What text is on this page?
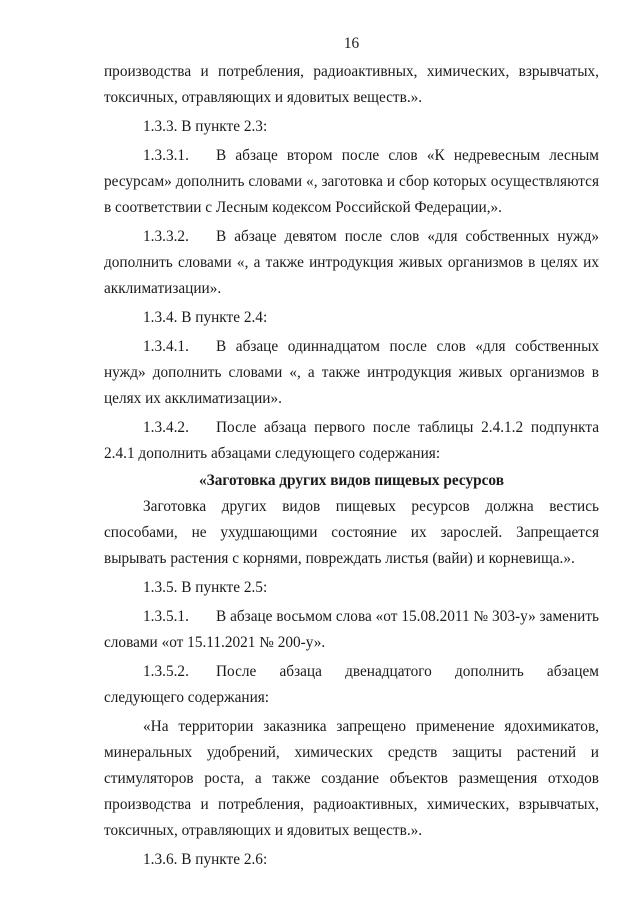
16

производства и потребления, радиоактивных, химических, взрывчатых, токсичных, отравляющих и ядовитых веществ.».

1.3.3. В пункте 2.3:

1.3.3.1. В абзаце втором после слов «К недревесным лесным ресурсам» дополнить словами «, заготовка и сбор которых осуществляются в соответствии с Лесным кодексом Российской Федерации,».

1.3.3.2. В абзаце девятом после слов «для собственных нужд» дополнить словами «, а также интродукция живых организмов в целях их акклиматизации».

1.3.4. В пункте 2.4:

1.3.4.1. В абзаце одиннадцатом после слов «для собственных нужд» дополнить словами «, а также интродукция живых организмов в целях их акклиматизации».

1.3.4.2. После абзаца первого после таблицы 2.4.1.2 подпункта 2.4.1 дополнить абзацами следующего содержания:

«Заготовка других видов пищевых ресурсов

Заготовка других видов пищевых ресурсов должна вестись способами, не ухудшающими состояние их зарослей. Запрещается вырывать растения с корнями, повреждать листья (вайи) и корневища.».

1.3.5. В пункте 2.5:

1.3.5.1. В абзаце восьмом слова «от 15.08.2011 № 303-у» заменить словами «от 15.11.2021 № 200-у».

1.3.5.2. После абзаца двенадцатого дополнить абзацем следующего содержания:

«На территории заказника запрещено применение ядохимикатов, минеральных удобрений, химических средств защиты растений и стимуляторов роста, а также создание объектов размещения отходов производства и потребления, радиоактивных, химических, взрывчатых, токсичных, отравляющих и ядовитых веществ.».

1.3.6. В пункте 2.6:
